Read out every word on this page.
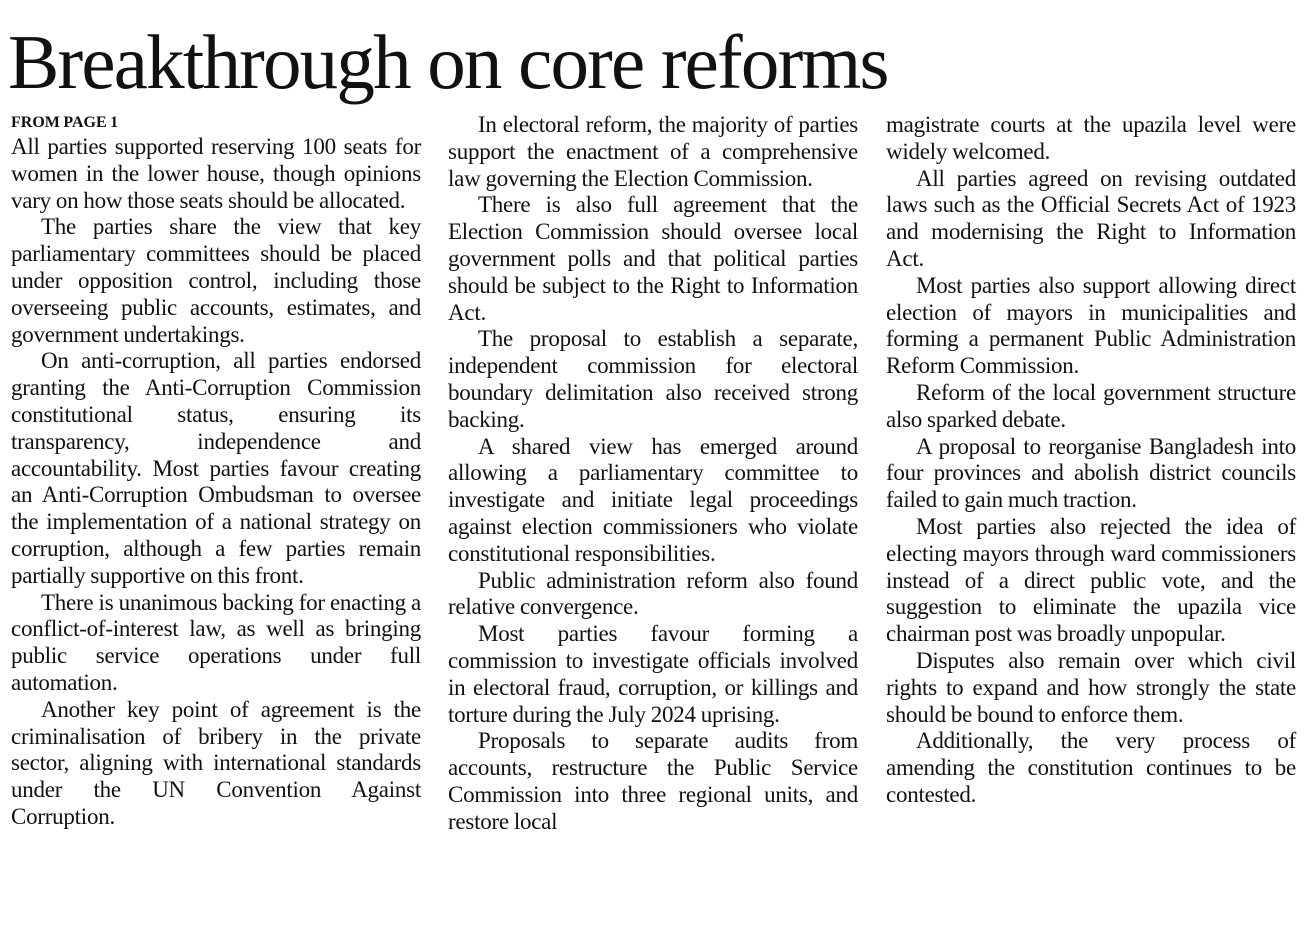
Breakthrough on core reforms
FROM PAGE 1

All parties supported reserving 100 seats for women in the lower house, though opinions vary on how those seats should be allocated.

The parties share the view that key parliamentary committees should be placed under opposition control, including those overseeing public accounts, estimates, and government undertakings.

On anti-corruption, all parties endorsed granting the Anti-Corruption Commission constitutional status, ensuring its transparency, independence and accountability. Most parties favour creating an Anti-Corruption Ombudsman to oversee the implementation of a national strategy on corruption, although a few parties remain partially supportive on this front.

There is unanimous backing for enacting a conflict-of-interest law, as well as bringing public service operations under full automation.

Another key point of agreement is the criminalisation of bribery in the private sector, aligning with international standards under the UN Convention Against Corruption.

In electoral reform, the majority of parties support the enactment of a comprehensive law governing the Election Commission.

There is also full agreement that the Election Commission should oversee local government polls and that political parties should be subject to the Right to Information Act.

The proposal to establish a separate, independent commission for electoral boundary delimitation also received strong backing.

A shared view has emerged around allowing a parliamentary committee to investigate and initiate legal proceedings against election commissioners who violate constitutional responsibilities.

Public administration reform also found relative convergence.

Most parties favour forming a commission to investigate officials involved in electoral fraud, corruption, or killings and torture during the July 2024 uprising.

Proposals to separate audits from accounts, restructure the Public Service Commission into three regional units, and restore local

magistrate courts at the upazila level were widely welcomed.

All parties agreed on revising outdated laws such as the Official Secrets Act of 1923 and modernising the Right to Information Act.

Most parties also support allowing direct election of mayors in municipalities and forming a permanent Public Administration Reform Commission.

Reform of the local government structure also sparked debate.

A proposal to reorganise Bangladesh into four provinces and abolish district councils failed to gain much traction.

Most parties also rejected the idea of electing mayors through ward commissioners instead of a direct public vote, and the suggestion to eliminate the upazila vice chairman post was broadly unpopular.

Disputes also remain over which civil rights to expand and how strongly the state should be bound to enforce them.

Additionally, the very process of amending the constitution continues to be contested.
